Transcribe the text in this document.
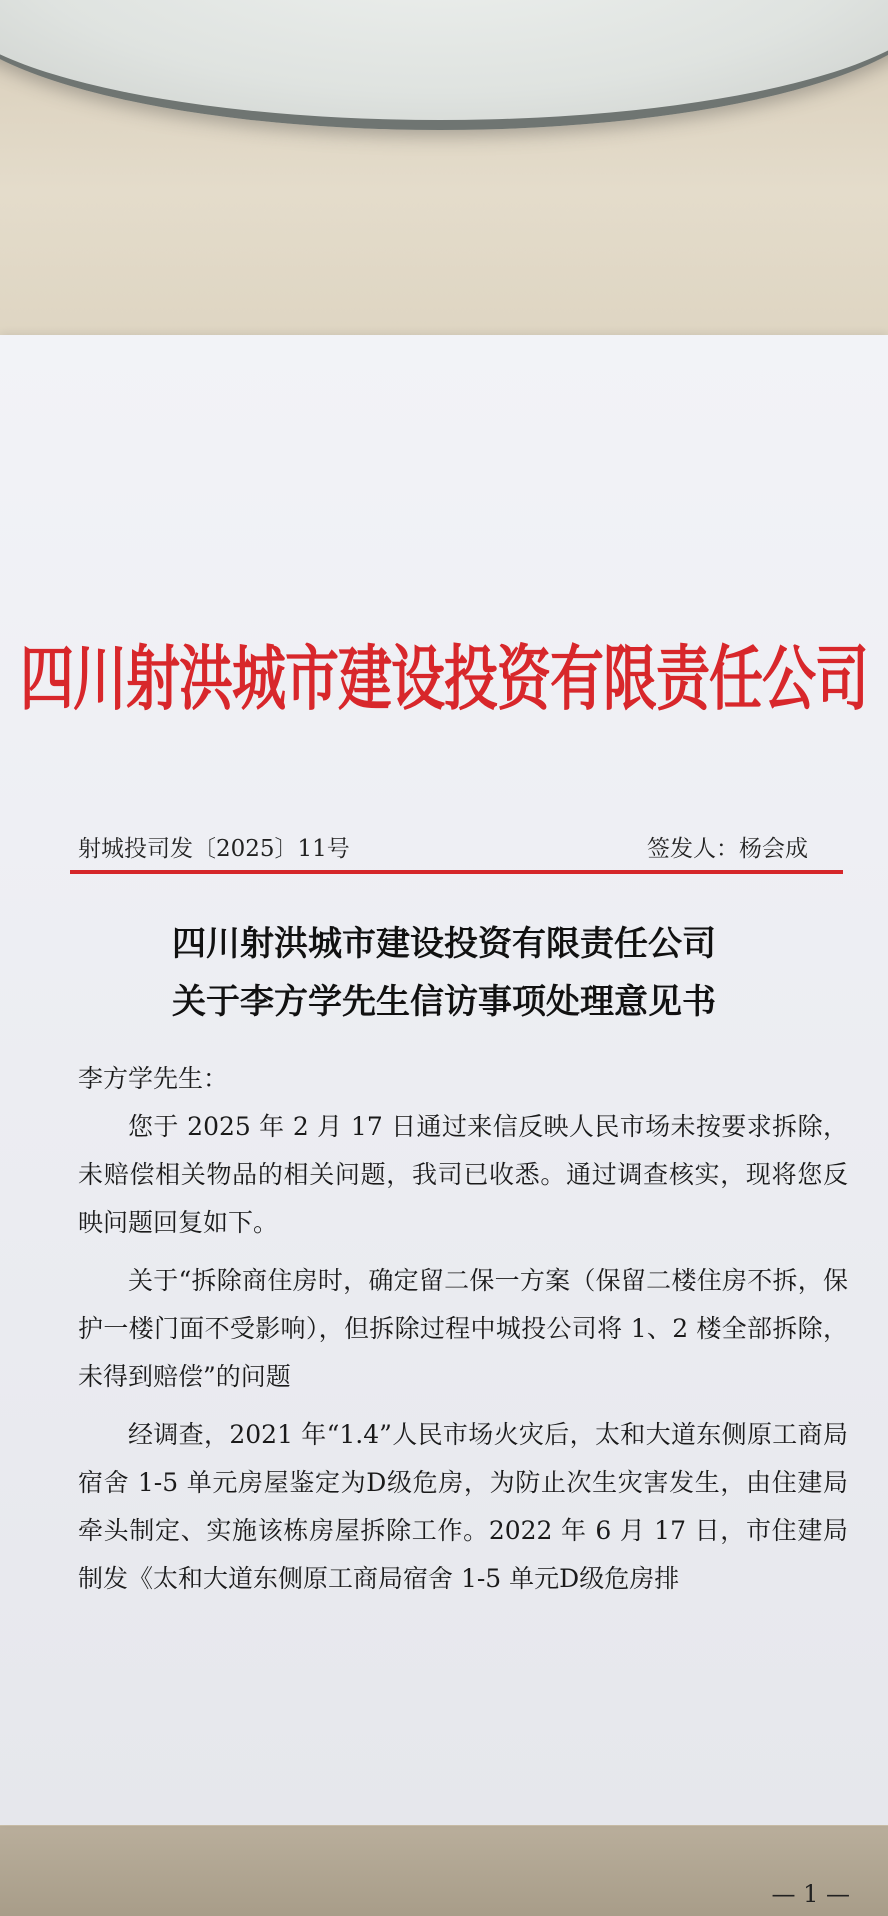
四川射洪城市建设投资有限责任公司
射城投司发〔2025〕11号	签发人：杨会成
四川射洪城市建设投资有限责任公司
关于李方学先生信访事项处理意见书

李方学先生：

您于 2025 年 2 月 17 日通过来信反映人民市场未按要求拆除，未赔偿相关物品的相关问题，我司已收悉。通过调查核实，现将您反映问题回复如下。

关于“拆除商住房时，确定留二保一方案（保留二楼住房不拆，保护一楼门面不受影响），但拆除过程中城投公司将 1、2 楼全部拆除，未得到赔偿”的问题

经调查，2021 年“1.4”人民市场火灾后，太和大道东侧原工商局宿舍 1-5 单元房屋鉴定为D级危房，为防止次生灾害发生，由住建局牵头制定、实施该栋房屋拆除工作。2022 年 6 月 17 日，市住建局制发《太和大道东侧原工商局宿舍 1-5 单元D级危房排

— 1 —
